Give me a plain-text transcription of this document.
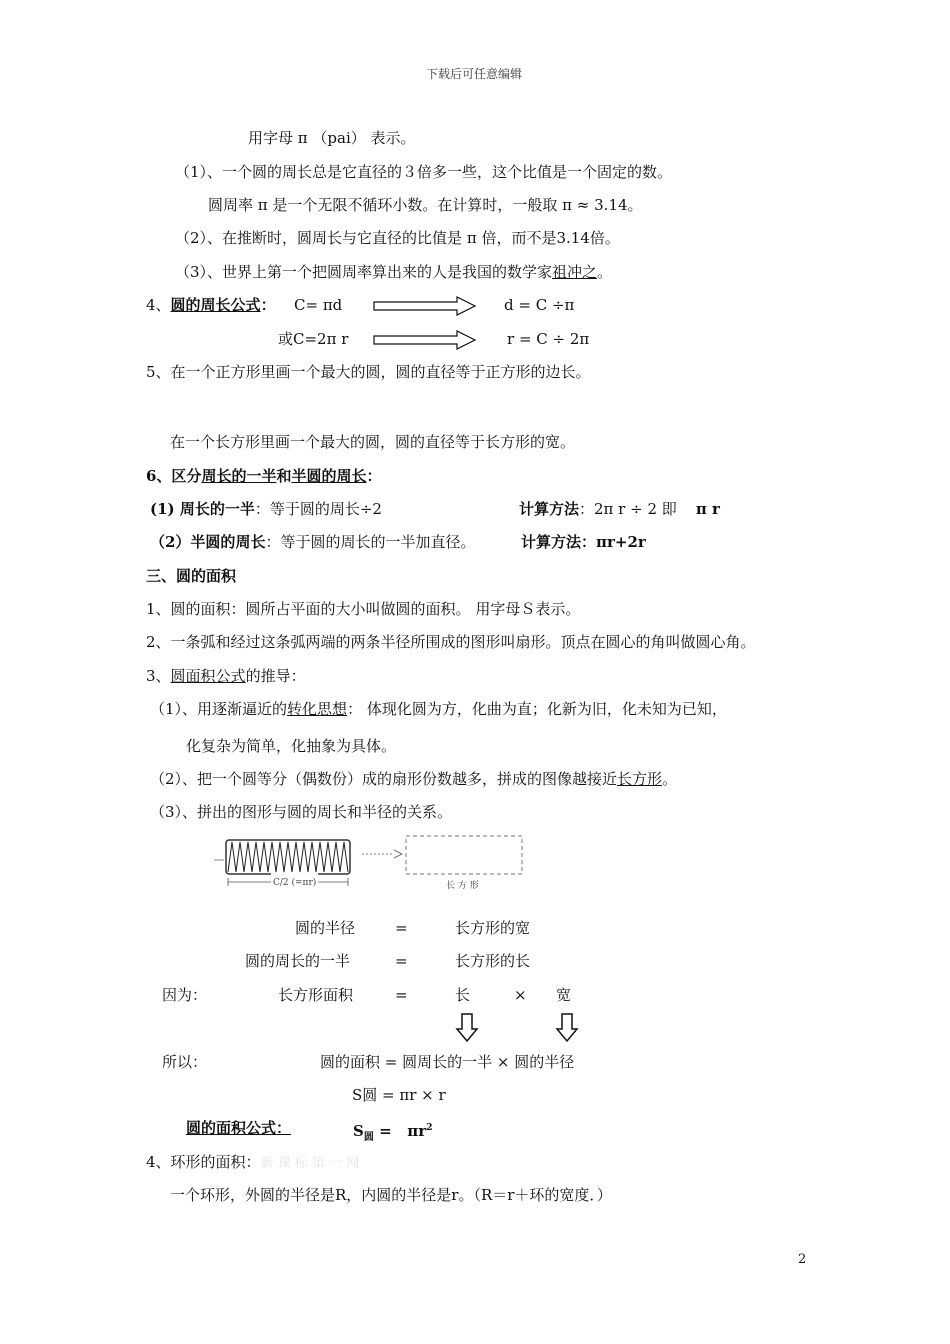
下载后可任意编辑
用字母 π （pai） 表示。
（1）、一个圆的周长总是它直径的３倍多一些，这个比值是一个固定的数。
圆周率 π 是一个无限不循环小数。在计算时，一般取 π ≈ 3.14。
（2）、在推断时，圆周长与它直径的比值是 π 倍，而不是3.14倍。
（3）、世界上第一个把圆周率算出来的人是我国的数学家祖冲之。
4、圆的周长公式： C= πd	d = C ÷π
或C=2π r	r = C ÷ 2π
5、在一个正方形里画一个最大的圆，圆的直径等于正方形的边长。
在一个长方形里画一个最大的圆，圆的直径等于长方形的宽。
6、区分周长的一半和半圆的周长：
(1) 周长的一半：等于圆的周长÷2	计算方法：2π r ÷ 2 即 π r
（2）半圆的周长：等于圆的周长的一半加直径。	计算方法：πr+2r
三、圆的面积
1、圆的面积：圆所占平面的大小叫做圆的面积。 用字母Ｓ表示。
2、一条弧和经过这条弧两端的两条半径所围成的图形叫扇形。顶点在圆心的角叫做圆心角。
3、圆面积公式的推导：
（1）、用逐渐逼近的转化思想： 体现化圆为方，化曲为直；化新为旧，化未知为已知，
化复杂为简单，化抽象为具体。
（2）、把一个圆等分（偶数份）成的扇形份数越多，拼成的图像越接近长方形。
（3）、拼出的图形与圆的周长和半径的关系。
C/2 (=πr)	长 方 形
圆的半径	=	长方形的宽
圆的周长的一半	=	长方形的长
因为：	长方形面积	=	长	× 宽
所以：	圆的面积 = 圆周长的一半 × 圆的半径
S圆 = πr × r
圆的面积公式：	$S_圆 = \pi r^2$
4、环形的面积：新 课 标 第 一 网
一个环形，外圆的半径是R，内圆的半径是r。（R＝r＋环的宽度．）
2
